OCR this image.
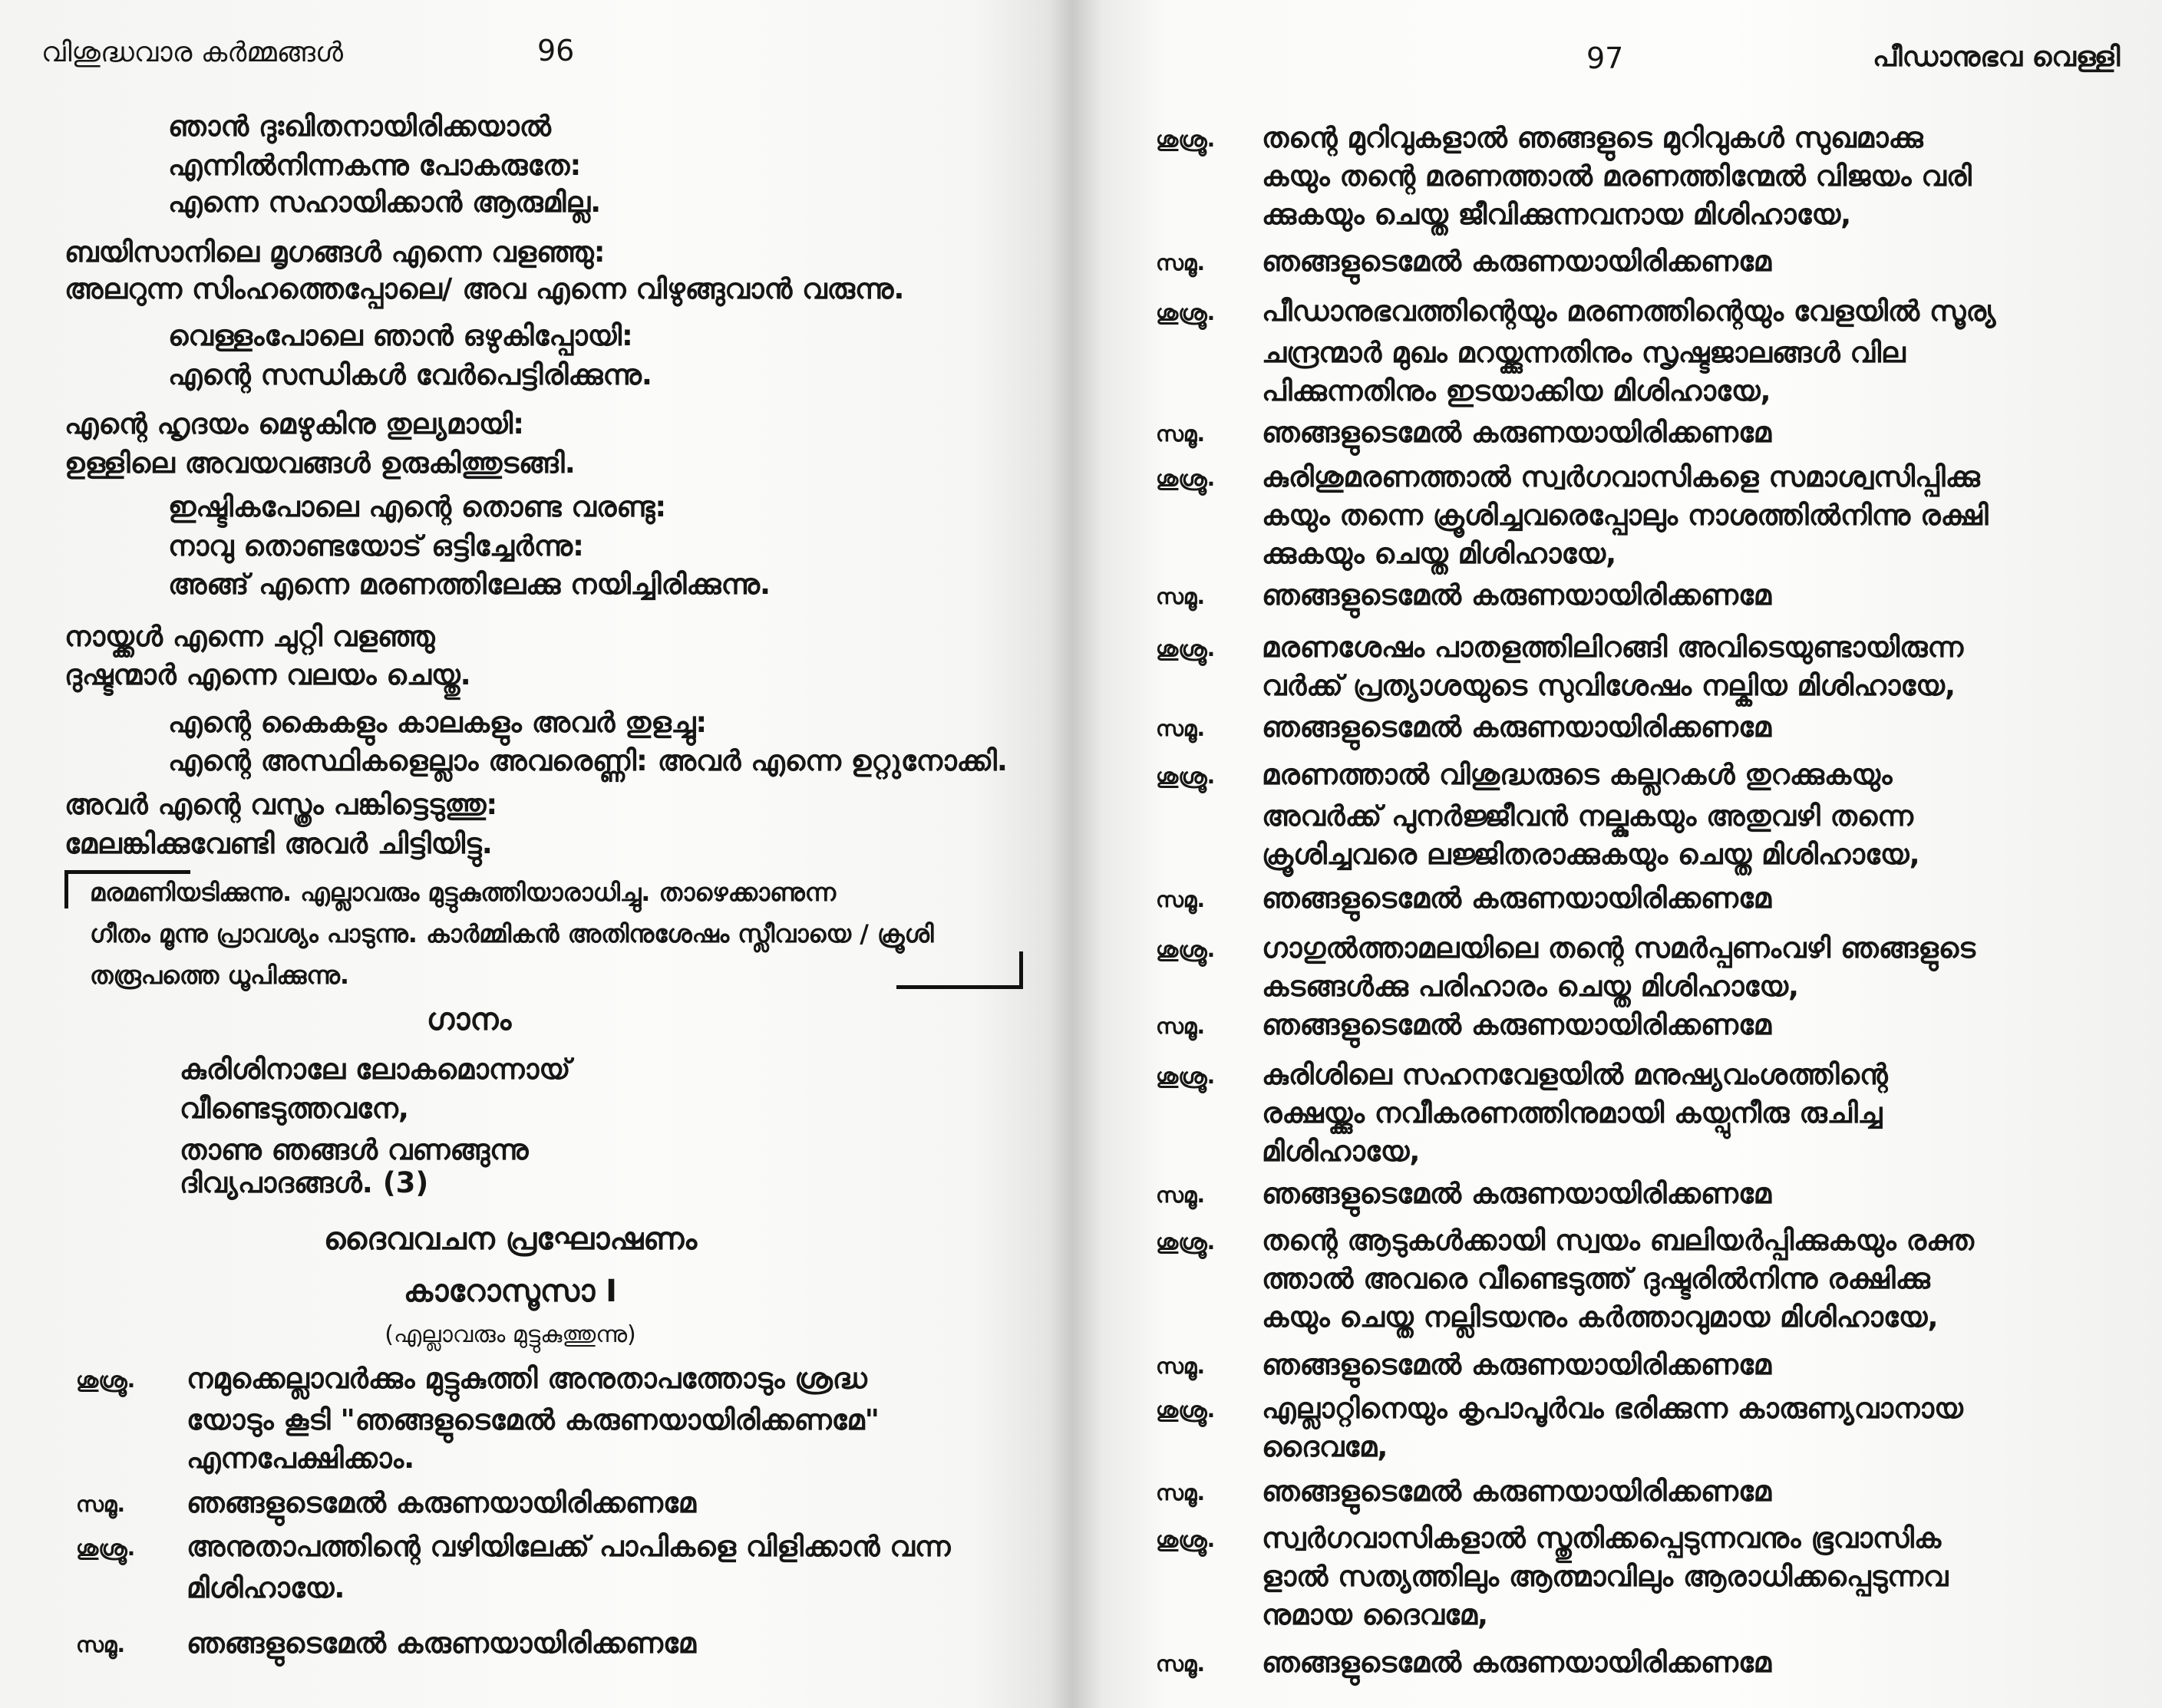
വിശുദ്ധവാര കർമ്മങ്ങൾ	96
ഞാൻ ദുഃഖിതനായിരിക്കയാൽ
എന്നിൽനിന്നകന്നു പോകരുതേ:
എന്നെ സഹായിക്കാൻ ആരുമില്ല.
ബയിസാനിലെ മൃഗങ്ങൾ എന്നെ വളഞ്ഞു:
അലറുന്ന സിംഹത്തെപ്പോലെ/ അവ എന്നെ വിഴുങ്ങുവാൻ വരുന്നു.
വെള്ളംപോലെ ഞാൻ ഒഴുകിപ്പോയി:
എന്റെ സന്ധികൾ വേർപെട്ടിരിക്കുന്നു.
എന്റെ ഹൃദയം മെഴുകിനു തുല്യമായി:
ഉള്ളിലെ അവയവങ്ങൾ ഉരുകിത്തുടങ്ങി.
ഇഷ്ടികപോലെ എന്റെ തൊണ്ട വരണ്ടു:
നാവു തൊണ്ടയോട് ഒട്ടിച്ചേർന്നു:
അങ്ങ് എന്നെ മരണത്തിലേക്കു നയിച്ചിരിക്കുന്നു.
നായ്ക്കൾ എന്നെ ചുറ്റി വളഞ്ഞു
ദുഷ്ടന്മാർ എന്നെ വലയം ചെയ്തു.
എന്റെ കൈകളും കാലകളും അവർ തുളച്ചു:
എന്റെ അസ്ഥികളെല്ലാം അവരെണ്ണി: അവർ എന്നെ ഉറ്റുനോക്കി.
അവർ എന്റെ വസ്ത്രം പങ്കിട്ടെടുത്തു:
മേലങ്കിക്കുവേണ്ടി അവർ ചിട്ടിയിട്ടു.
മരമണിയടിക്കുന്നു. എല്ലാവരും മുട്ടുകുത്തിയാരാധിച്ചു. താഴെക്കാണുന്ന
ഗീതം മൂന്നു പ്രാവശ്യം പാടുന്നു. കാർമ്മികൻ അതിനുശേഷം സ്ലീവായെ / ക്രൂശി
തരൂപത്തെ ധൂപിക്കുന്നു.
ഗാനം
കുരിശിനാലേ ലോകമൊന്നായ്
വീണ്ടെടുത്തവനേ,
താണു ഞങ്ങൾ വണങ്ങുന്നു
ദിവ്യപാദങ്ങൾ. (3)
ദൈവവചന പ്രഘോഷണം
കാറോസൂസാ I
(എല്ലാവരും മുട്ടുകുത്തുന്നു)
ശുശ്രൂ. നമുക്കെല്ലാവർക്കും മുട്ടുകുത്തി അനുതാപത്തോടും ശ്രദ്ധ
യോടും കൂടി "ഞങ്ങളുടെമേൽ കരുണയായിരിക്കണമേ"
എന്നപേക്ഷിക്കാം.
സമൂ. ഞങ്ങളുടെമേൽ കരുണയായിരിക്കണമേ
ശുശ്രൂ. അനുതാപത്തിന്റെ വഴിയിലേക്ക് പാപികളെ വിളിക്കാൻ വന്ന
മിശിഹായേ.
സമൂ. ഞങ്ങളുടെമേൽ കരുണയായിരിക്കണമേ
97	പീഡാനുഭവ വെള്ളി
ശുശ്രൂ. തന്റെ മുറിവുകളാൽ ഞങ്ങളുടെ മുറിവുകൾ സുഖമാക്കു
കയും തന്റെ മരണത്താൽ മരണത്തിന്മേൽ വിജയം വരി
ക്കുകയും ചെയ്ത ജീവിക്കുന്നവനായ മിശിഹായേ,
സമൂ. ഞങ്ങളുടെമേൽ കരുണയായിരിക്കണമേ
ശുശ്രൂ. പീഡാനുഭവത്തിന്റെയും മരണത്തിന്റെയും വേളയിൽ സൂര്യ
ചന്ദ്രന്മാർ മുഖം മറയ്ക്കുന്നതിനും സൃഷ്ടജാലങ്ങൾ വില
പിക്കുന്നതിനും ഇടയാക്കിയ മിശിഹായേ,
സമൂ. ഞങ്ങളുടെമേൽ കരുണയായിരിക്കണമേ
ശുശ്രൂ. കുരിശുമരണത്താൽ സ്വർഗവാസികളെ സമാശ്വസിപ്പിക്കു
കയും തന്നെ ക്രൂശിച്ചവരെപ്പോലും നാശത്തിൽനിന്നു രക്ഷി
ക്കുകയും ചെയ്ത മിശിഹായേ,
സമൂ. ഞങ്ങളുടെമേൽ കരുണയായിരിക്കണമേ
ശുശ്രൂ. മരണശേഷം പാതളത്തിലിറങ്ങി അവിടെയുണ്ടായിരുന്ന
വർക്ക് പ്രത്യാശയുടെ സുവിശേഷം നല്കിയ മിശിഹായേ,
സമൂ. ഞങ്ങളുടെമേൽ കരുണയായിരിക്കണമേ
ശുശ്രൂ. മരണത്താൽ വിശുദ്ധരുടെ കല്ലറകൾ തുറക്കുകയും
അവർക്ക് പുനർജ്ജീവൻ നല്കുകയും അതുവഴി തന്നെ
ക്രൂശിച്ചവരെ ലജ്ജിതരാക്കുകയും ചെയ്ത മിശിഹായേ,
സമൂ. ഞങ്ങളുടെമേൽ കരുണയായിരിക്കണമേ
ശുശ്രൂ. ഗാഗുൽത്താമലയിലെ തന്റെ സമർപ്പണംവഴി ഞങ്ങളുടെ
കടങ്ങൾക്കു പരിഹാരം ചെയ്ത മിശിഹായേ,
സമൂ. ഞങ്ങളുടെമേൽ കരുണയായിരിക്കണമേ
ശുശ്രൂ. കുരിശിലെ സഹനവേളയിൽ മനുഷ്യവംശത്തിന്റെ
രക്ഷയ്ക്കും നവീകരണത്തിനുമായി കയ്പുനീരു രുചിച്ച
മിശിഹായേ,
സമൂ. ഞങ്ങളുടെമേൽ കരുണയായിരിക്കണമേ
ശുശ്രൂ. തന്റെ ആടുകൾക്കായി സ്വയം ബലിയർപ്പിക്കുകയും രക്ത
ത്താൽ അവരെ വീണ്ടെടുത്ത് ദുഷ്ടരിൽനിന്നു രക്ഷിക്കു
കയും ചെയ്ത നല്ലിടയനും കർത്താവുമായ മിശിഹായേ,
സമൂ. ഞങ്ങളുടെമേൽ കരുണയായിരിക്കണമേ
ശുശ്രൂ. എല്ലാറ്റിനെയും കൃപാപൂർവം ഭരിക്കുന്ന കാരുണ്യവാനായ
ദൈവമേ,
സമൂ. ഞങ്ങളുടെമേൽ കരുണയായിരിക്കണമേ
ശുശ്രൂ. സ്വർഗവാസികളാൽ സ്തുതിക്കപ്പെടുന്നവനും ഭൂവാസിക
ളാൽ സത്യത്തിലും ആത്മാവിലും ആരാധിക്കപ്പെടുന്നവ
നുമായ ദൈവമേ,
സമൂ. ഞങ്ങളുടെമേൽ കരുണയായിരിക്കണമേ
